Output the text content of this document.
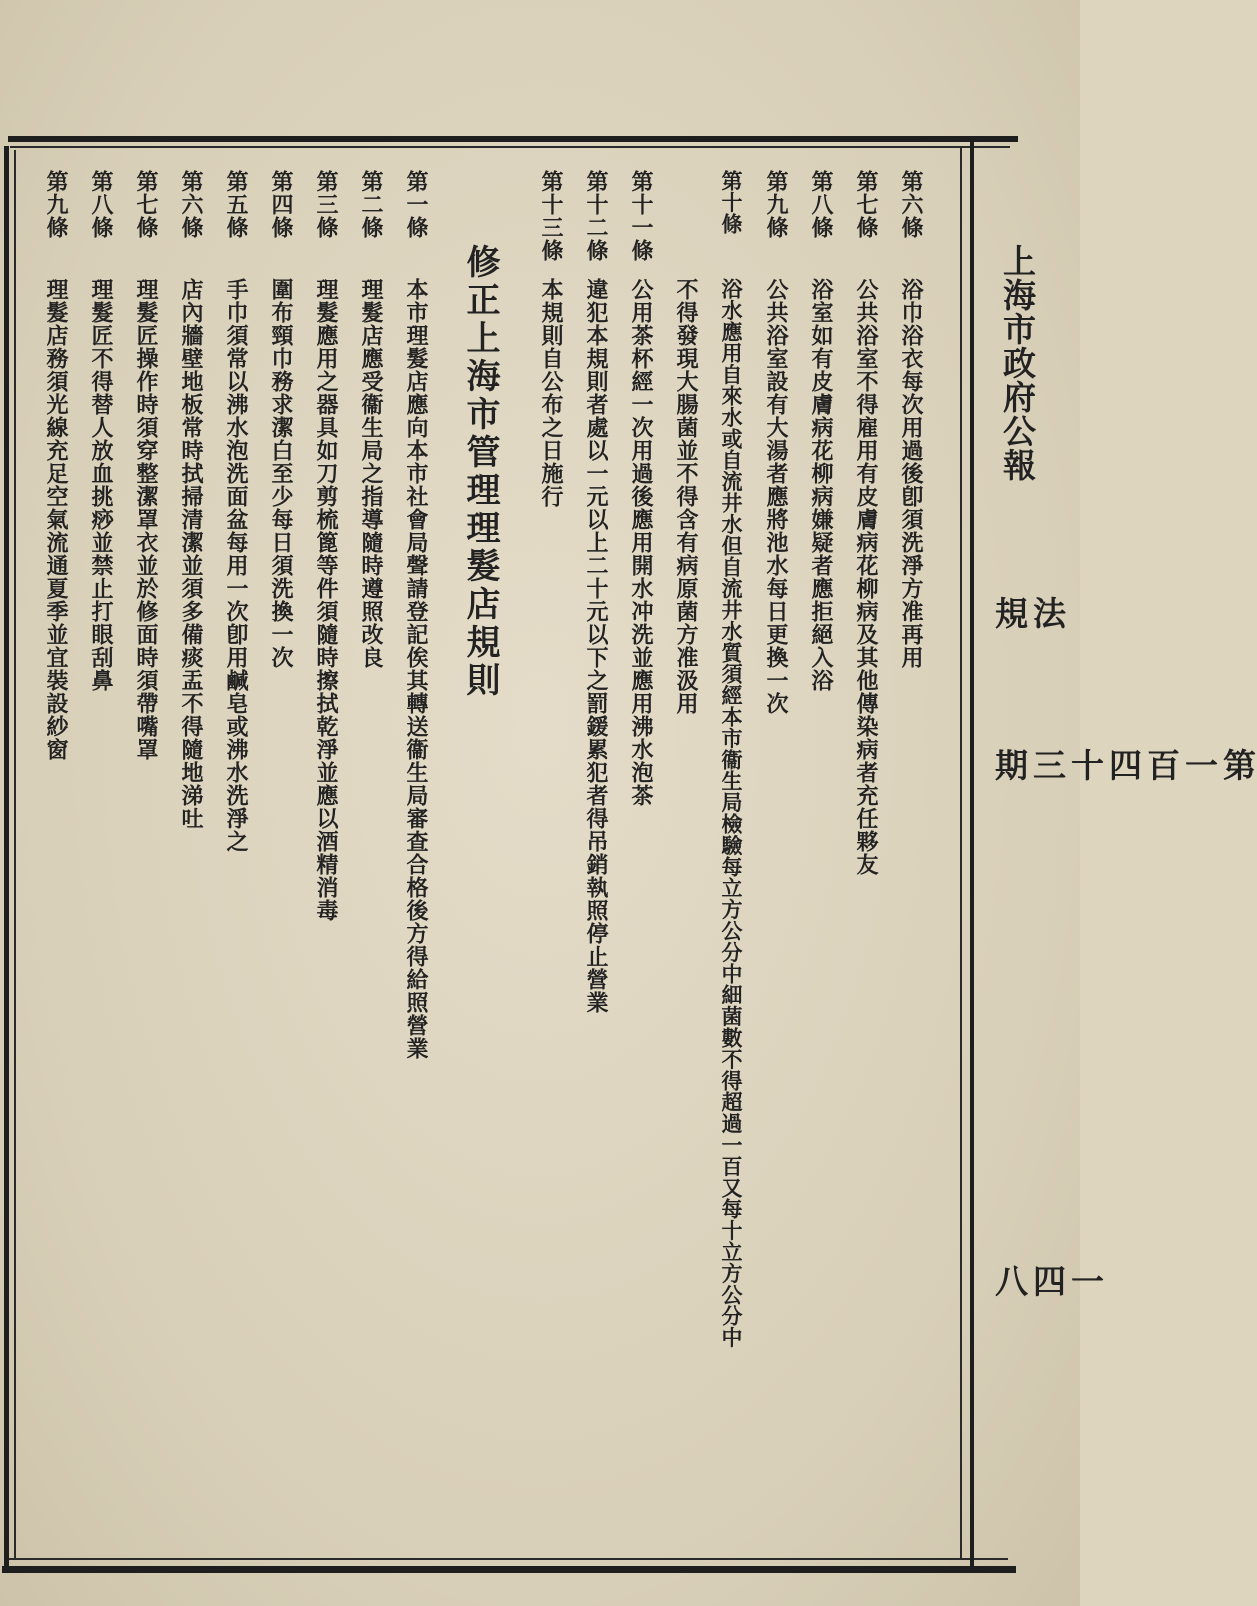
上海市政府公報
法規
第一百四十三期
一四八
第六條浴巾浴衣每次用過後卽須洗淨方准再用
第七條公共浴室不得雇用有皮膚病花柳病及其他傳染病者充任夥友
第八條浴室如有皮膚病花柳病嫌疑者應拒絕入浴
第九條公共浴室設有大湯者應將池水每日更換一次
第十條浴水應用自來水或自流井水但自流井水質須經本市衞生局檢驗每立方公分中細菌數不得超過一百又每十立方公分中
不得發現大腸菌並不得含有病原菌方准汲用
第十一條公用茶杯經一次用過後應用開水冲洗並應用沸水泡茶
第十二條違犯本規則者處以一元以上二十元以下之罰鍰累犯者得吊銷執照停止營業
第十三條本規則自公布之日施行
修正上海市管理理髮店規則
第一條本市理髮店應向本市社會局聲請登記俟其轉送衞生局審查合格後方得給照營業
第二條理髮店應受衞生局之指導隨時遵照改良
第三條理髮應用之器具如刀剪梳篦等件須隨時擦拭乾淨並應以酒精消毒
第四條圍布頸巾務求潔白至少每日須洗換一次
第五條手巾須常以沸水泡洗面盆每用一次卽用鹹皂或沸水洗淨之
第六條店內牆壁地板常時拭掃清潔並須多備痰盂不得隨地涕吐
第七條理髮匠操作時須穿整潔罩衣並於修面時須帶嘴罩
第八條理髮匠不得替人放血挑痧並禁止打眼刮鼻
第九條理髮店務須光線充足空氣流通夏季並宜裝設紗窗
